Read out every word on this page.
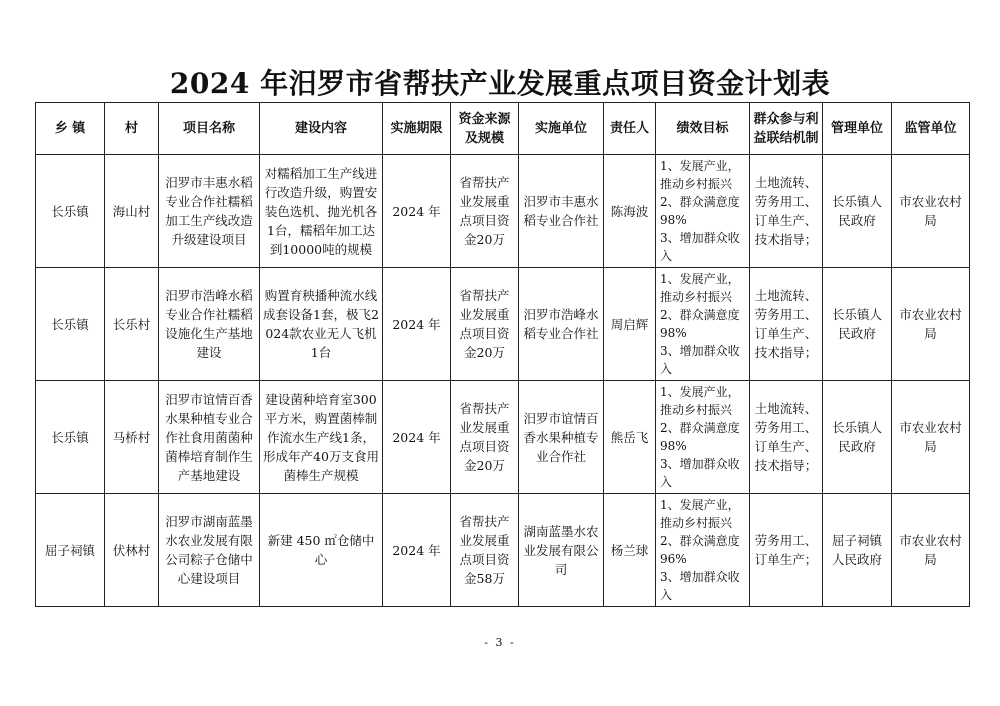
2024 年汨罗市省帮扶产业发展重点项目资金计划表
乡 镇	村	项目名称	建设内容	实施期限	资金来源及规模	实施单位	责任人	绩效目标	群众参与利益联结机制	管理单位	监管单位
长乐镇	海山村	汨罗市丰惠水稻专业合作社糯稻加工生产线改造升级建设项目	对糯稻加工生产线进行改造升级，购置安装色选机、抛光机各1台，糯稻年加工达到10000吨的规模	2024 年	省帮扶产业发展重点项目资金20万	汨罗市丰惠水稻专业合作社	陈海波	1、发展产业，推动乡村振兴
2、群众满意度98%
3、增加群众收入	土地流转、劳务用工、订单生产、技术指导；	长乐镇人民政府	市农业农村局
长乐镇	长乐村	汨罗市浩峰水稻专业合作社糯稻设施化生产基地建设	购置育秧播种流水线成套设备1套，极飞2024款农业无人飞机1台	2024 年	省帮扶产业发展重点项目资金20万	汨罗市浩峰水稻专业合作社	周启辉	1、发展产业，推动乡村振兴
2、群众满意度98%
3、增加群众收入	土地流转、劳务用工、订单生产、技术指导；	长乐镇人民政府	市农业农村局
长乐镇	马桥村	汨罗市谊情百香水果种植专业合作社食用菌菌种菌棒培育制作生产基地建设	建设菌种培育室300平方米，购置菌棒制作流水生产线1条，形成年产40万支食用菌棒生产规模	2024 年	省帮扶产业发展重点项目资金20万	汨罗市谊情百香水果种植专业合作社	熊岳飞	1、发展产业，推动乡村振兴
2、群众满意度98%
3、增加群众收入	土地流转、劳务用工、订单生产、技术指导；	长乐镇人民政府	市农业农村局
屈子祠镇	伏林村	汨罗市湖南蓝墨水农业发展有限公司粽子仓储中心建设项目	新建 450 ㎡仓储中心	2024 年	省帮扶产业发展重点项目资金58万	湖南蓝墨水农业发展有限公司	杨兰球	1、发展产业，推动乡村振兴
2、群众满意度96%
3、增加群众收入	劳务用工、订单生产；	屈子祠镇人民政府	市农业农村局
- 3 -
